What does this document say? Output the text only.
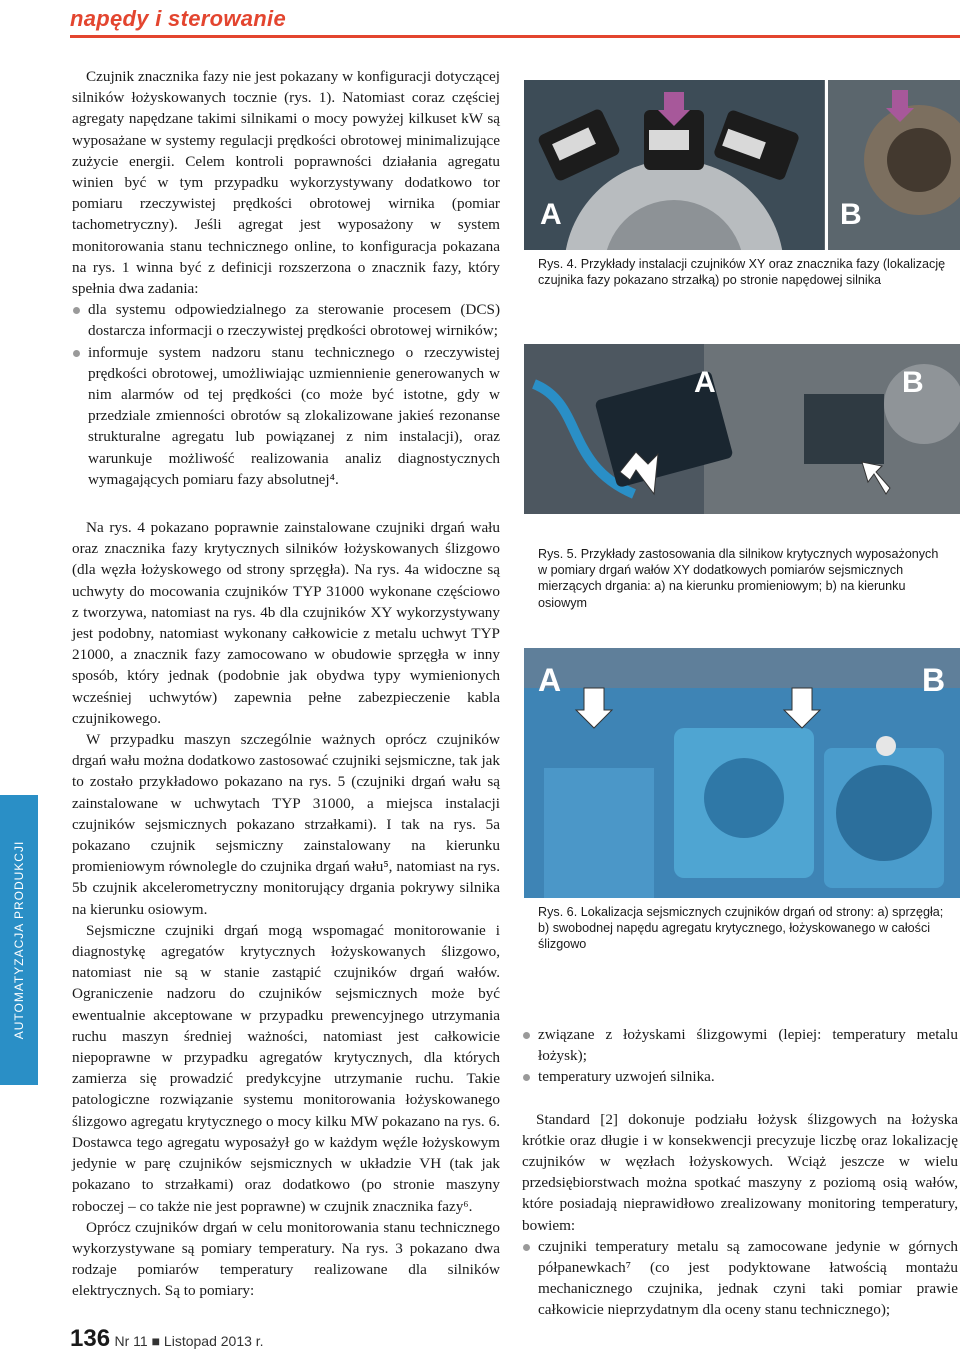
napędy i sterowanie

Czujnik znacznika fazy nie jest pokazany w konfiguracji dotyczącej silników łożyskowanych tocznie (rys. 1). Natomiast coraz częściej agregaty napędzane takimi silnikami o mocy powyżej kilkuset kW są wyposażane w systemy regulacji prędkości obrotowej minimalizujące zużycie energii. Celem kontroli poprawności działania agregatu winien być w tym przypadku wykorzystywany dodatkowo tor pomiaru rzeczywistej prędkości obrotowej wirnika (pomiar tachometryczny). Jeśli agregat jest wyposażony w system monitorowania stanu technicznego online, to konfiguracja pokazana na rys. 1 winna być z definicji rozszerzona o znacznik fazy, który spełnia dwa zadania:

dla systemu odpowiedzialnego za sterowanie procesem (DCS) dostarcza informacji o rzeczywistej prędkości obrotowej wirników;
informuje system nadzoru stanu technicznego o rzeczywistej prędkości obrotowej, umożliwiając uzmiennienie generowanych w nim alarmów od tej prędkości (co może być istotne, gdy w przedziale zmienności obrotów są zlokalizowane jakieś rezonanse strukturalne agregatu lub powiązanej z nim instalacji), oraz warunkuje możliwość realizowania analiz diagnostycznych wymagających pomiaru fazy absolutnej⁴.

Na rys. 4 pokazano poprawnie zainstalowane czujniki drgań wału oraz znacznika fazy krytycznych silników łożyskowanych ślizgowo (dla węzła łożyskowego od strony sprzęgła). Na rys. 4a widoczne są uchwyty do mocowania czujników TYP 31000 wykonane częściowo z tworzywa, natomiast na rys. 4b dla czujników XY wykorzystywany jest podobny, natomiast wykonany całkowicie z metalu uchwyt TYP 21000, a znacznik fazy zamocowano w obudowie sprzęgła w inny sposób, który jednak (podobnie jak obydwa typy wymienionych wcześniej uchwytów) zapewnia pełne zabezpieczenie kabla czujnikowego.

W przypadku maszyn szczególnie ważnych oprócz czujników drgań wału można dodatkowo zastosować czujniki sejsmiczne, tak jak to zostało przykładowo pokazano na rys. 5 (czujniki drgań wału są zainstalowane w uchwytach TYP 31000, a miejsca instalacji czujników sejsmicznych pokazano strzałkami). I tak na rys. 5a pokazano czujnik sejsmiczny zainstalowany na kierunku promieniowym równolegle do czujnika drgań wału⁵, natomiast na rys. 5b czujnik akcelerometryczny monitorujący drgania pokrywy silnika na kierunku osiowym.

Sejsmiczne czujniki drgań mogą wspomagać monitorowanie i diagnostykę agregatów krytycznych łożyskowanych ślizgowo, natomiast nie są w stanie zastąpić czujników drgań wałów. Ograniczenie nadzoru do czujników sejsmicznych może być ewentualnie akceptowane w przypadku prewencyjnego utrzymania ruchu maszyn średniej ważności, natomiast jest całkowicie niepoprawne w przypadku agregatów krytycznych, dla których zamierza się prowadzić predykcyjne utrzymanie ruchu. Takie patologiczne rozwiązanie systemu monitorowania łożyskowanego ślizgowo agregatu krytycznego o mocy kilku MW pokazano na rys. 6. Dostawca tego agregatu wyposażył go w każdym węźle łożyskowym jedynie w parę czujników sejsmicznych w układzie VH (tak jak pokazano to strzałkami) oraz dodatkowo (po stronie maszyny roboczej – co także nie jest poprawne) w czujnik znacznika fazy⁶.

Oprócz czujników drgań w celu monitorowania stanu technicznego wykorzystywane są pomiary temperatury. Na rys. 3 pokazano dwa rodzaje pomiarów temperatury realizowane dla silników elektrycznych. Są to pomiary:

A	B
Rys. 4. Przykłady instalacji czujników XY oraz znacznika fazy (lokalizację czujnika fazy pokazano strzałką) po stronie napędowej silnika
A	B
Rys. 5. Przykłady zastosowania dla silnikow krytycznych wyposażonych w pomiary drgań wałów XY dodatkowych pomiarów sejsmicznych mierzących drgania: a) na kierunku promieniowym; b) na kierunku osiowym
A	B
Rys. 6. Lokalizacja sejsmicznych czujników drgań od strony: a) sprzęgła; b) swobodnej napędu agregatu krytycznego, łożyskowanego w całości ślizgowo
związane z łożyskami ślizgowymi (lepiej: temperatury metalu łożysk);
temperatury uzwojeń silnika.

Standard [2] dokonuje podziału łożysk ślizgowych na łożyska krótkie oraz długie i w konsekwencji precyzuje liczbę oraz lokalizację czujników w węzłach łożyskowych. Wciąż jeszcze w wielu przedsiębiorstwach można spotkać maszyny z poziomą osią wałów, które posiadają nieprawidłowo zrealizowany monitoring temperatury, bowiem:

czujniki temperatury metalu są zamocowane jedynie w górnych półpanewkach⁷ (co jest podyktowane łatwością montażu mechanicznego czujnika, jednak czyni taki pomiar prawie całkowicie nieprzydatnym dla oceny stanu technicznego);
AUTOMATYZACJA PRODUKCJI
136 Nr 11 ■ Listopad 2013 r.
